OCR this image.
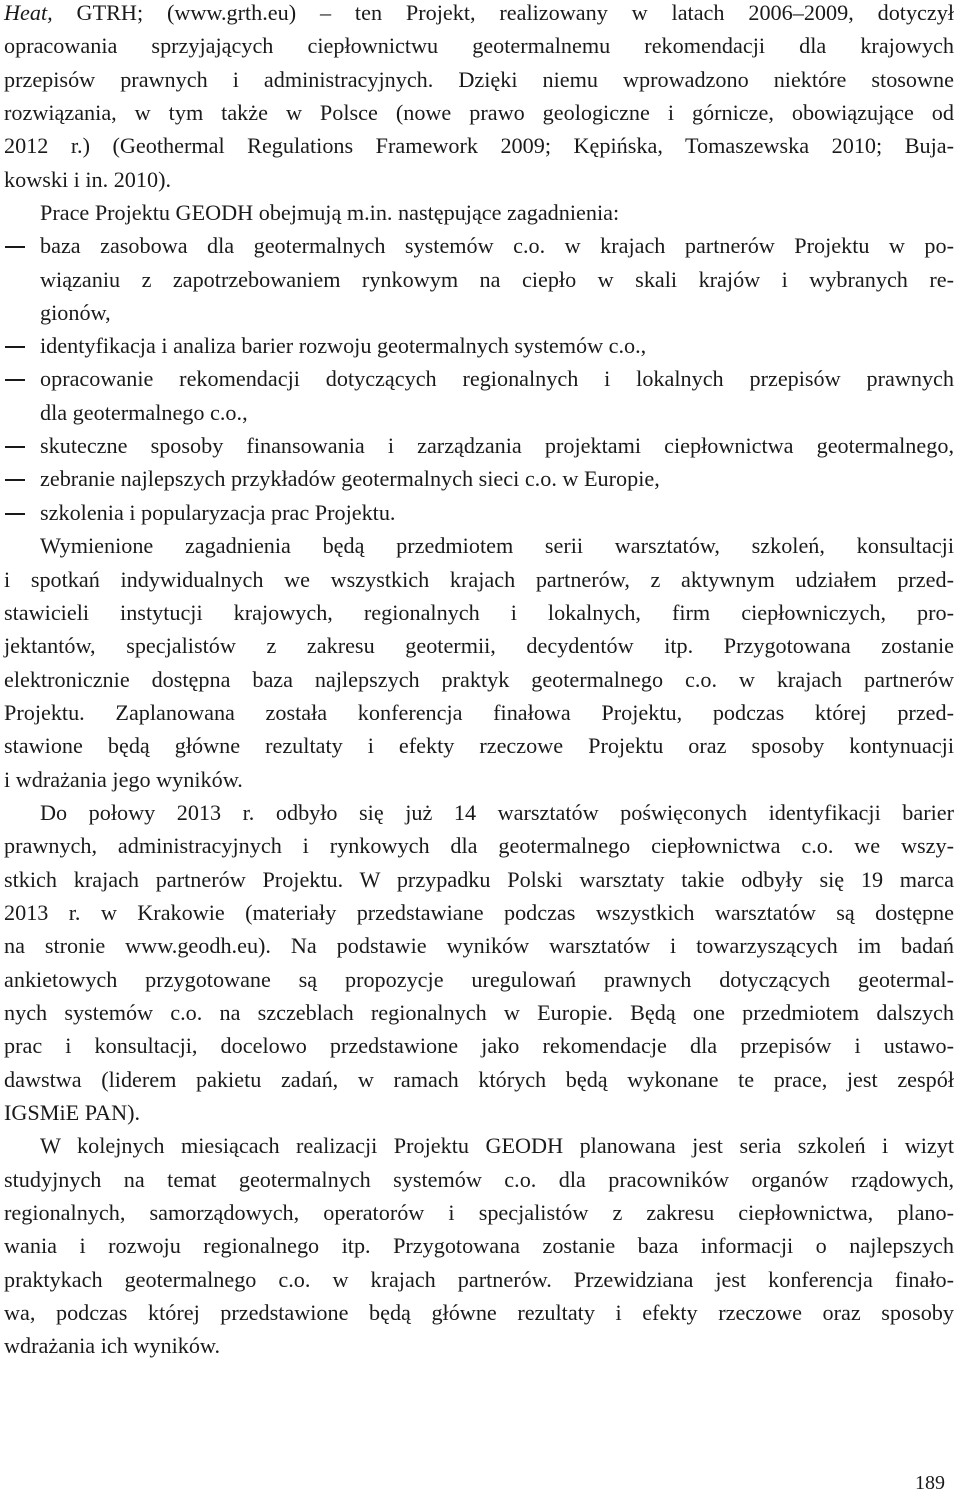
Heat, GTRH; (www.grth.eu) – ten Projekt, realizowany w latach 2006–2009, dotyczył
opracowania sprzyjających ciepłownictwu geotermalnemu rekomendacji dla krajowych
przepisów prawnych i administracyjnych. Dzięki niemu wprowadzono niektóre stosowne
rozwiązania, w tym także w Polsce (nowe prawo geologiczne i górnicze, obowiązujące od
2012 r.) (Geothermal Regulations Framework 2009; Kępińska, Tomaszewska 2010; Buja-
kowski i in. 2010).
Prace Projektu GEODH obejmują m.in. następujące zagadnienia:
baza zasobowa dla geotermalnych systemów c.o. w krajach partnerów Projektu w po-
wiązaniu z zapotrzebowaniem rynkowym na ciepło w skali krajów i wybranych re-
gionów,
identyfikacja i analiza barier rozwoju geotermalnych systemów c.o.,
opracowanie rekomendacji dotyczących regionalnych i lokalnych przepisów prawnych
dla geotermalnego c.o.,
skuteczne sposoby finansowania i zarządzania projektami ciepłownictwa geotermalnego,
zebranie najlepszych przykładów geotermalnych sieci c.o. w Europie,
szkolenia i popularyzacja prac Projektu.
Wymienione zagadnienia będą przedmiotem serii warsztatów, szkoleń, konsultacji
i spotkań indywidualnych we wszystkich krajach partnerów, z aktywnym udziałem przed-
stawicieli instytucji krajowych, regionalnych i lokalnych, firm ciepłowniczych, pro-
jektantów, specjalistów z zakresu geotermii, decydentów itp. Przygotowana zostanie
elektronicznie dostępna baza najlepszych praktyk geotermalnego c.o. w krajach partnerów
Projektu. Zaplanowana została konferencja finałowa Projektu, podczas której przed-
stawione będą główne rezultaty i efekty rzeczowe Projektu oraz sposoby kontynuacji
i wdrażania jego wyników.
Do połowy 2013 r. odbyło się już 14 warsztatów poświęconych identyfikacji barier
prawnych, administracyjnych i rynkowych dla geotermalnego ciepłownictwa c.o. we wszy-
stkich krajach partnerów Projektu. W przypadku Polski warsztaty takie odbyły się 19 marca
2013 r. w Krakowie (materiały przedstawiane podczas wszystkich warsztatów są dostępne
na stronie www.geodh.eu). Na podstawie wyników warsztatów i towarzyszących im badań
ankietowych przygotowane są propozycje uregulowań prawnych dotyczących geotermal-
nych systemów c.o. na szczeblach regionalnych w Europie. Będą one przedmiotem dalszych
prac i konsultacji, docelowo przedstawione jako rekomendacje dla przepisów i ustawo-
dawstwa (liderem pakietu zadań, w ramach których będą wykonane te prace, jest zespół
IGSMiE PAN).
W kolejnych miesiącach realizacji Projektu GEODH planowana jest seria szkoleń i wizyt
studyjnych na temat geotermalnych systemów c.o. dla pracowników organów rządowych,
regionalnych, samorządowych, operatorów i specjalistów z zakresu ciepłownictwa, plano-
wania i rozwoju regionalnego itp. Przygotowana zostanie baza informacji o najlepszych
praktykach geotermalnego c.o. w krajach partnerów. Przewidziana jest konferencja finało-
wa, podczas której przedstawione będą główne rezultaty i efekty rzeczowe oraz sposoby
wdrażania ich wyników.
189
